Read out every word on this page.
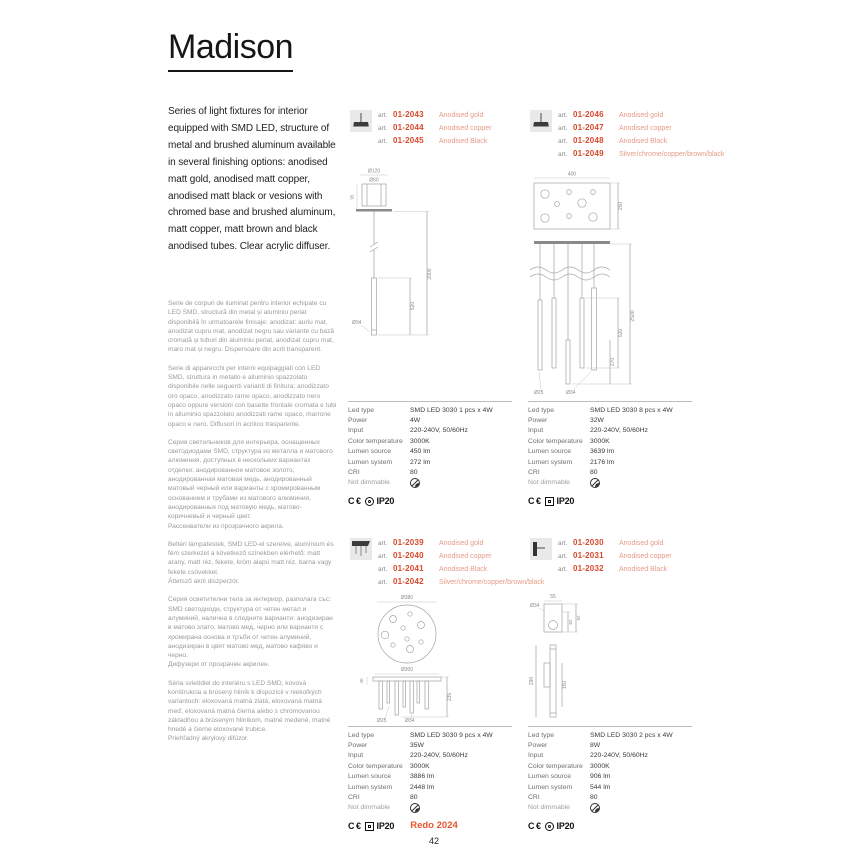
Madison
Series of light fixtures for interior equipped with SMD LED, structure of metal and brushed aluminum available in several finishing options: anodised matt gold, anodised matt copper, anodised matt black or vesions with chromed base and brushed aluminum, matt copper, matt brown and black anodised tubes. Clear acrylic diffuser.

Serie de corpuri de iluminat pentru interior echipate cu LED SMD, structură din metal și aluminiu periat disponibilă în urmatoarele finisaje: anodizat: auriu mat, anodizat cupru mat, anodizat negru sau variante cu bază cromată și tuburi din aluminiu periat, anodizat cupru mat, maro mat și negru. Dispersoare din acril transparent.

Serie di apparecchi per interni equipaggiati con LED SMD, struttura in metallo e alluminio spazzolato disponibile nelle seguenti varianti di finitura: anodizzato oro opaco, anodizzato rame opaco, anodizzato nero opaco oppure versioni con basette frontale cromata e tubi in alluminio spazzolato anodizzati rame opaco, marrone opaco e nero. Diffusori in acrilico trasparente.

Серия светильников для интерьера, оснащенных светодиодами SMD, структура из металла и матового алюминия, доступных в нескольких вариантах отделки: анодированное матовое золото, анодированная матовая медь, анодированный матовый черный или варианты с хромированным основанием и трубами из матового алюминия, анодированных под матовую медь, матово-коричневый и черный цвет.
Рассеиватели из прозрачного акрила.

Beltéri lámpatestek, SMD LED-el szerelve, alumínium és fém szerkezet a következő színekben elérhető: matt arany, matt réz, fekete, króm alapú matt réz, barna vagy fekete csövekkel.
Áttetsző akril diszperzór.

Серия осветителни тела за интериор, разполага със: SMD светодиоди, структура от четен метал и алуминий, налична в следните варианти: анодизиран в матово злато, матово мед, черно или варианти с хромирана основа и тръби от четен алуминий, анодизиран в цвят матово мед, матово кафяво и черно.
Дифузери от прозрачен акрилен.

Séria svietidiel do interiéru s LED SMD, kovová konštrukcia a brúsený hliník k dispozícii v niekoľkých variantoch: eloxovaná matná zlatá, eloxovaná matná meď, eloxovaná matná čierna alebo s chrómovanou základňou a brúseným hliníkom, matné medené, matné hnedé a čierne eloxované trubice.
Priehľadný akrylový difúzor.

art. 01-2043	Anodised gold
art. 01-2044	Anodised copper
art. 01-2045	Anodised Black
Ø120
Ø60
95
2000
520
Ø34
Led type	SMD LED 3030 1 pcs x 4W
Power	4W
Input	220-240V, 50/60Hz
Color temperature	3000K
Lumen source	450 lm
Lumen system	272 lm
CRI	80
Not dimmable
C€ IP20
art. 01-2046	Anodised gold
art. 01-2047	Anodised copper
art. 01-2048	Anodised Black
art. 01-2049	Silver/chrome/copper/brown/black
400
250
2500
520
270
Ø25	Ø34
Led type	SMD LED 3030 8 pcs x 4W
Power	32W
Input	220-240V, 50/60Hz
Color temperature	3000K
Lumen source	3639 lm
Lumen system	2176 lm
CRI	80
Not dimmable
C€ IP20
art. 01-2039	Anodised gold
art. 01-2040	Anodised copper
art. 01-2041	Anodised Black
art. 01-2042	Silver/chrome/copper/brown/black
Ø380
Ø300
40
235
Ø25	Ø34
Led type	SMD LED 3030 9 pcs x 4W
Power	35W
Input	220-240V, 50/60Hz
Color temperature	3000K
Lumen source	3886 lm
Lumen system	2448 lm
CRI	80
Not dimmable
C€ IP20
art. 01-2030	Anodised gold
art. 01-2031	Anodised copper
art. 01-2032	Anodised Black
55
Ø34
62
92
290	150
Led type	SMD LED 3030 2 pcs x 4W
Power	8W
Input	220-240V, 50/60Hz
Color temperature	3000K
Lumen source	906 lm
Lumen system	544 lm
CRI	80
Not dimmable
C€ IP20
Redo 2024
42
